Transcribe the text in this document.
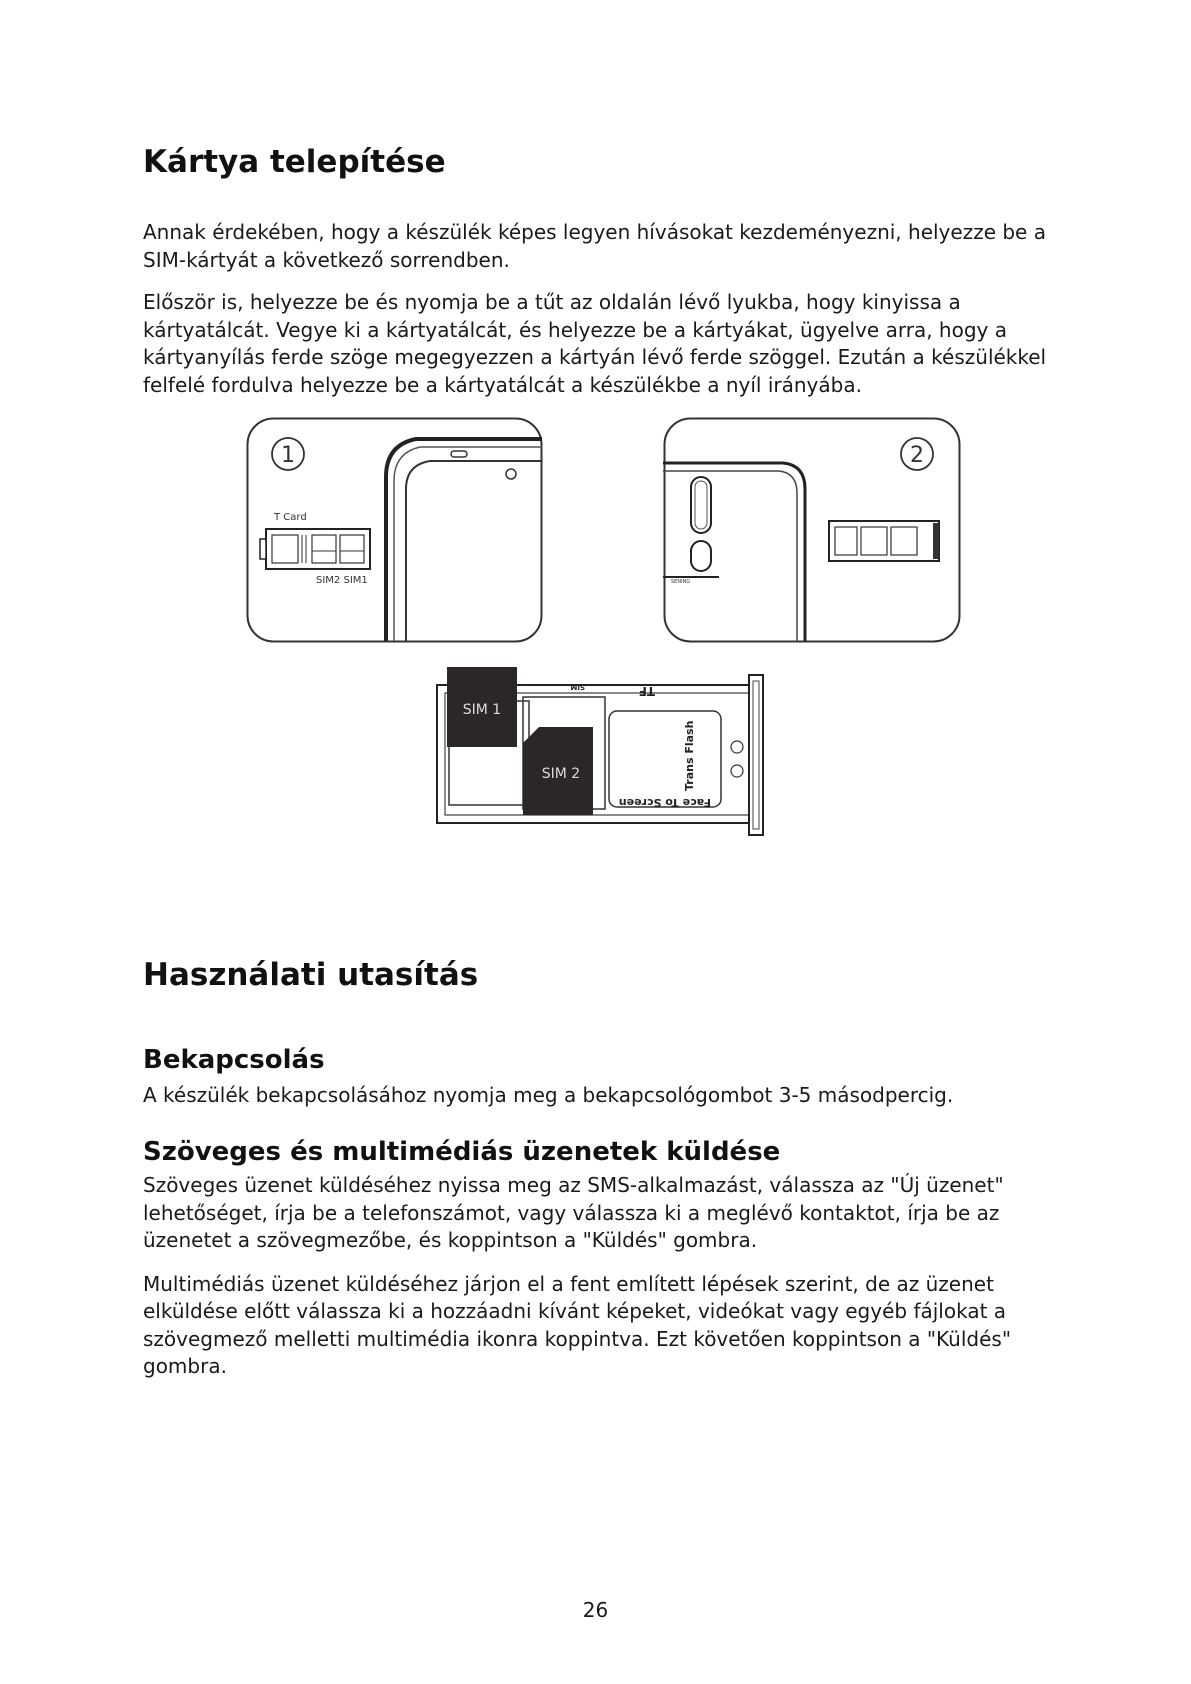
Kártya telepítése

Annak érdekében, hogy a készülék képes legyen hívásokat kezdeményezni, helyezze be a SIM-kártyát a következő sorrendben.

Először is, helyezze be és nyomja be a tűt az oldalán lévő lyukba, hogy kinyissa a kártyatálcát. Vegye ki a kártyatálcát, és helyezze be a kártyákat, ügyelve arra, hogy a kártyanyílás ferde szöge megegyezzen a kártyán lévő ferde szöggel. Ezután a készülékkel felfelé fordulva helyezze be a kártyatálcát a készülékbe a nyíl irányába.

1
T Card
SIM2 SIM1
2
SENING
TF
SIM
Trans Flash
Face To Screen
SIM 1
SIM 2
Használati utasítás
Bekapcsolás

A készülék bekapcsolásához nyomja meg a bekapcsológombot 3-5 másodpercig.

Szöveges és multimédiás üzenetek küldése

Szöveges üzenet küldéséhez nyissa meg az SMS-alkalmazást, válassza az "Új üzenet" lehetőséget, írja be a telefonszámot, vagy válassza ki a meglévő kontaktot, írja be az üzenetet a szövegmezőbe, és koppintson a "Küldés" gombra.

Multimédiás üzenet küldéséhez járjon el a fent említett lépések szerint, de az üzenet elküldése előtt válassza ki a hozzáadni kívánt képeket, videókat vagy egyéb fájlokat a szövegmező melletti multimédia ikonra koppintva. Ezt követően koppintson a "Küldés" gombra.

26
